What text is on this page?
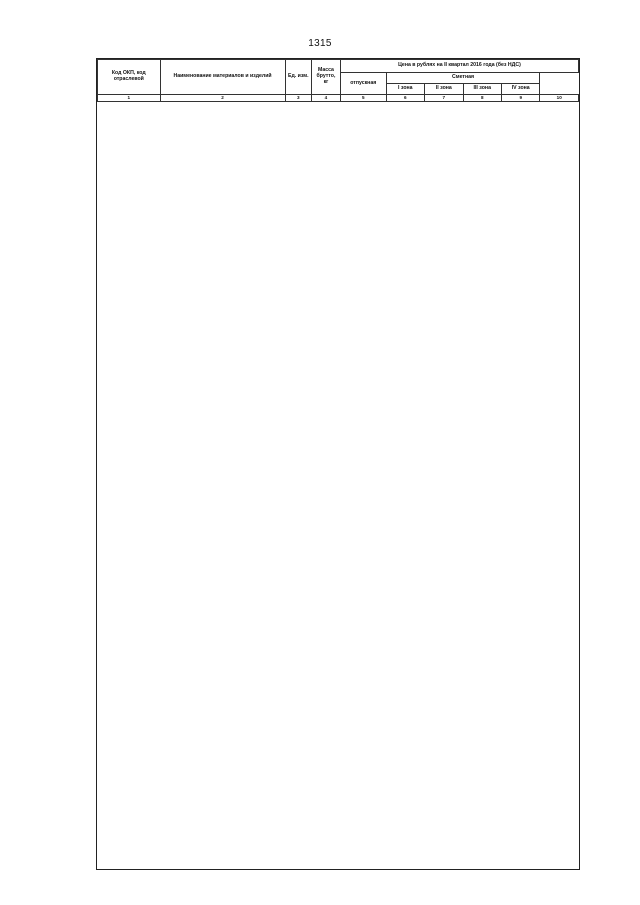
1315
Код ОКП, код отраслевой	Наименование материалов и изделий	Ед. изм.	Масса брутто, кг	Цена в рублях на II квартал 2016 года (без НДС)					
				отпускная	Сметная				
					I зона	II зона	III зона	IV зона	
1	2	3	4	5	6	7	8	9	10
